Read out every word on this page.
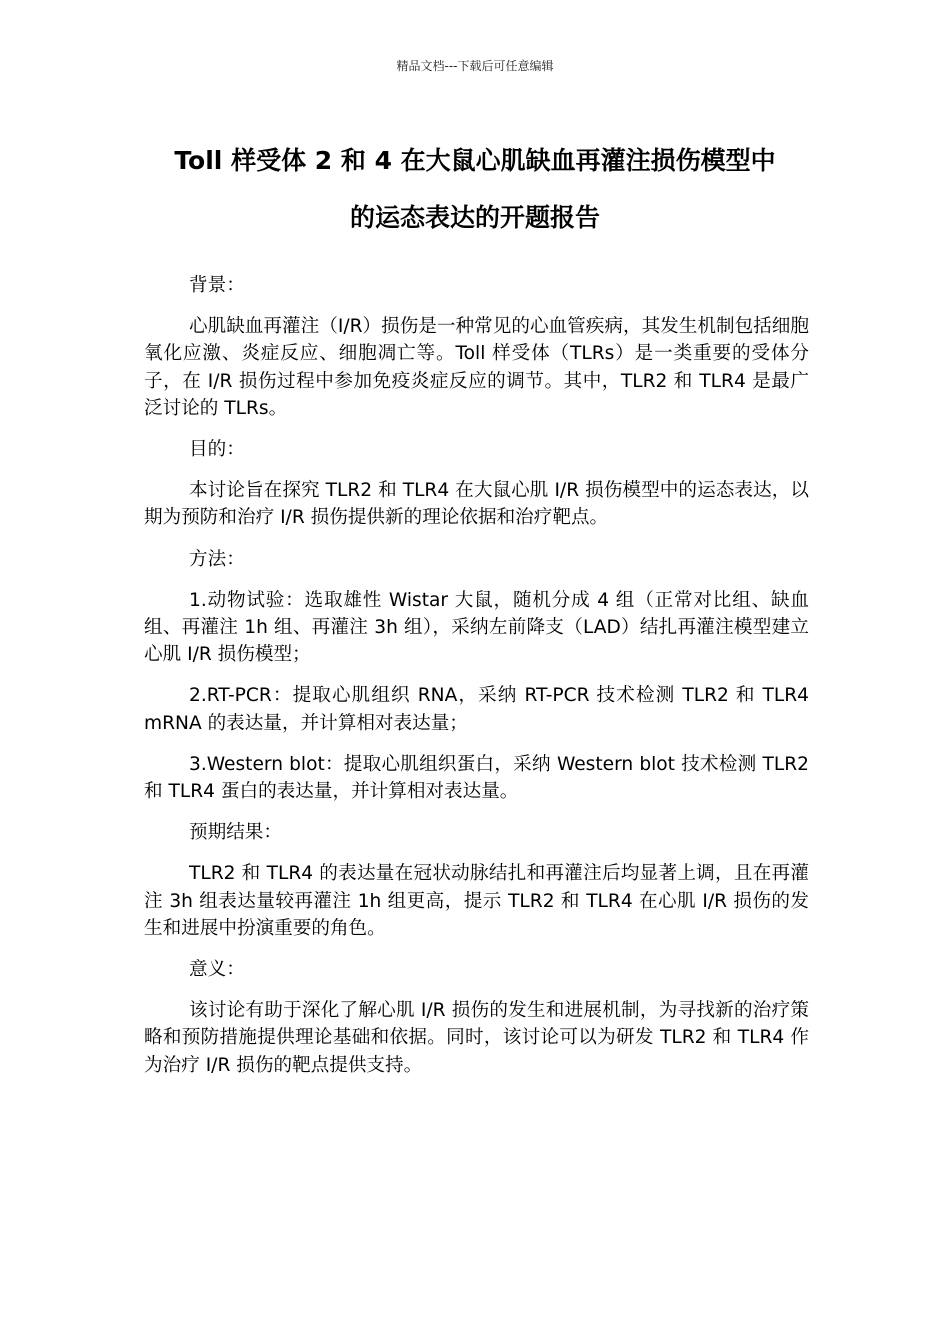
精品文档---下载后可任意编辑
Toll 样受体 2 和 4 在大鼠心肌缺血再灌注损伤模型中
的运态表达的开题报告

背景：

心肌缺血再灌注（I/R）损伤是一种常见的心血管疾病，其发生机制包括细胞氧化应激、炎症反应、细胞凋亡等。Toll 样受体（TLRs）是一类重要的受体分子，在 I/R 损伤过程中参加免疫炎症反应的调节。其中，TLR2 和 TLR4 是最广泛讨论的 TLRs。

目的：

本讨论旨在探究 TLR2 和 TLR4 在大鼠心肌 I/R 损伤模型中的运态表达，以期为预防和治疗 I/R 损伤提供新的理论依据和治疗靶点。

方法：

1.动物试验：选取雄性 Wistar 大鼠，随机分成 4 组（正常对比组、缺血组、再灌注 1h 组、再灌注 3h 组），采纳左前降支（LAD）结扎再灌注模型建立心肌 I/R 损伤模型；

2.RT-PCR：提取心肌组织 RNA，采纳 RT-PCR 技术检测 TLR2 和 TLR4 mRNA 的表达量，并计算相对表达量；

3.Western blot：提取心肌组织蛋白，采纳 Western blot 技术检测 TLR2 和 TLR4 蛋白的表达量，并计算相对表达量。

预期结果：

TLR2 和 TLR4 的表达量在冠状动脉结扎和再灌注后均显著上调，且在再灌注 3h 组表达量较再灌注 1h 组更高，提示 TLR2 和 TLR4 在心肌 I/R 损伤的发生和进展中扮演重要的角色。

意义：

该讨论有助于深化了解心肌 I/R 损伤的发生和进展机制，为寻找新的治疗策略和预防措施提供理论基础和依据。同时，该讨论可以为研发 TLR2 和 TLR4 作为治疗 I/R 损伤的靶点提供支持。
